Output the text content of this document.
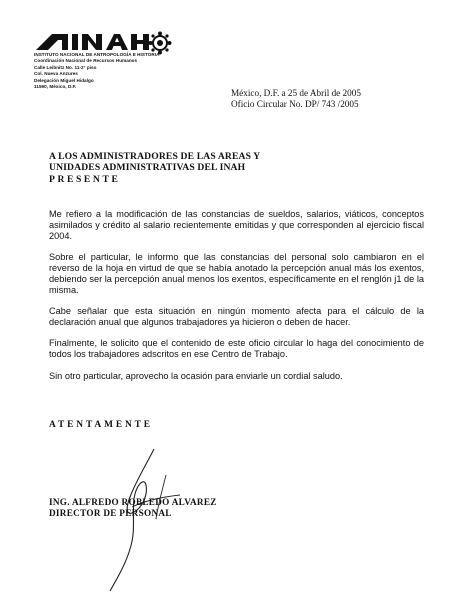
INSTITUTO NACIONAL DE ANTROPOLOGÍA E HISTORIA
Coordinación Nacional de Recursos Humanos
Calle Leibnitz No. 11-2° piso
Col. Nueva Anzures
Delegación Miguel Hidalgo
11590, México, D.F.
México, D.F. a 25 de Abril de 2005
Oficio Circular No. DP/ 743 /2005
A LOS ADMINISTRADORES DE LAS AREAS Y
UNIDADES ADMINISTRATIVAS DEL INAH
PRESENTE

Me refiero a la modificación de las constancias de sueldos, salarios, viáticos, conceptos asimilados y crédito al salario recientemente emitidas y que corresponden al ejercicio fiscal 2004.

Sobre el particular, le informo que las constancias del personal solo cambiaron en el reverso de la hoja en virtud de que se había anotado la percepción anual más los exentos, debiendo ser la percepción anual menos los exentos, específicamente en el renglón j1 de la misma.

Cabe señalar que esta situación en ningún momento afecta para el cálculo de la declaración anual que algunos trabajadores ya hicieron o deben de hacer.

Finalmente, le solicito que el contenido de este oficio circular lo haga del conocimiento de todos los trabajadores adscritos en ese Centro de Trabajo.

Sin otro particular, aprovecho la ocasión para enviarle un cordial saludo.

ATENTAMENTE
ING. ALFREDO ROBLEDO ALVAREZ
DIRECTOR DE PERSONAL
